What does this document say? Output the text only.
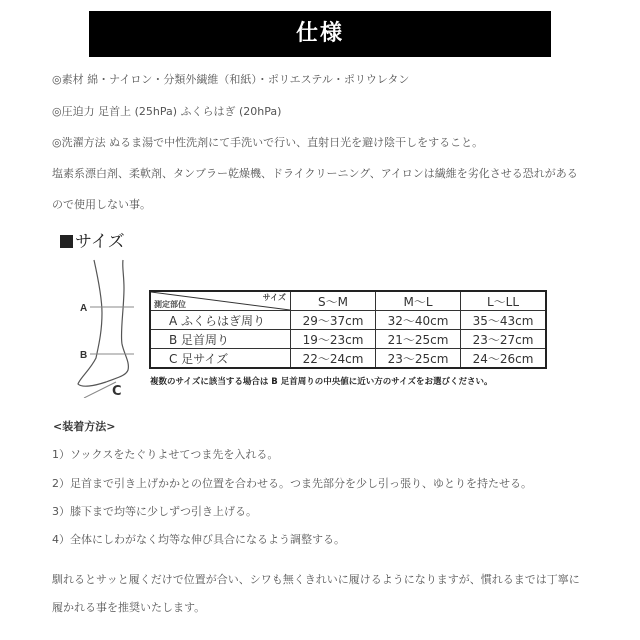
仕様
◎素材 綿・ナイロン・分類外繊維（和紙）・ポリエステル・ポリウレタン
◎圧迫力 足首上 (25hPa) ふくらはぎ (20hPa)
◎洗濯方法 ぬるま湯で中性洗剤にて手洗いで行い、直射日光を避け陰干しをすること。
塩素系漂白剤、柔軟剤、タンブラー乾燥機、ドライクリーニング、アイロンは繊維を劣化させる恐れがある
ので使用しない事。
サイズ
A
B
C
サイズ
測定部位	S〜M	M〜L	L〜LL
A ふくらはぎ周り	29〜37cm	32〜40cm	35〜43cm
B 足首周り	19〜23cm	21〜25cm	23〜27cm
C 足サイズ	22〜24cm	23〜25cm	24〜26cm
複数のサイズに該当する場合は B 足首周りの中央値に近い方のサイズをお選びください。
<装着方法>
1）ソックスをたぐりよせてつま先を入れる。
2）足首まで引き上げかかとの位置を合わせる。つま先部分を少し引っ張り、ゆとりを持たせる。
3）膝下まで均等に少しずつ引き上げる。
4）全体にしわがなく均等な伸び具合になるよう調整する。
馴れるとサッと履くだけで位置が合い、シワも無くきれいに履けるようになりますが、慣れるまでは丁寧に
履かれる事を推奨いたします。
